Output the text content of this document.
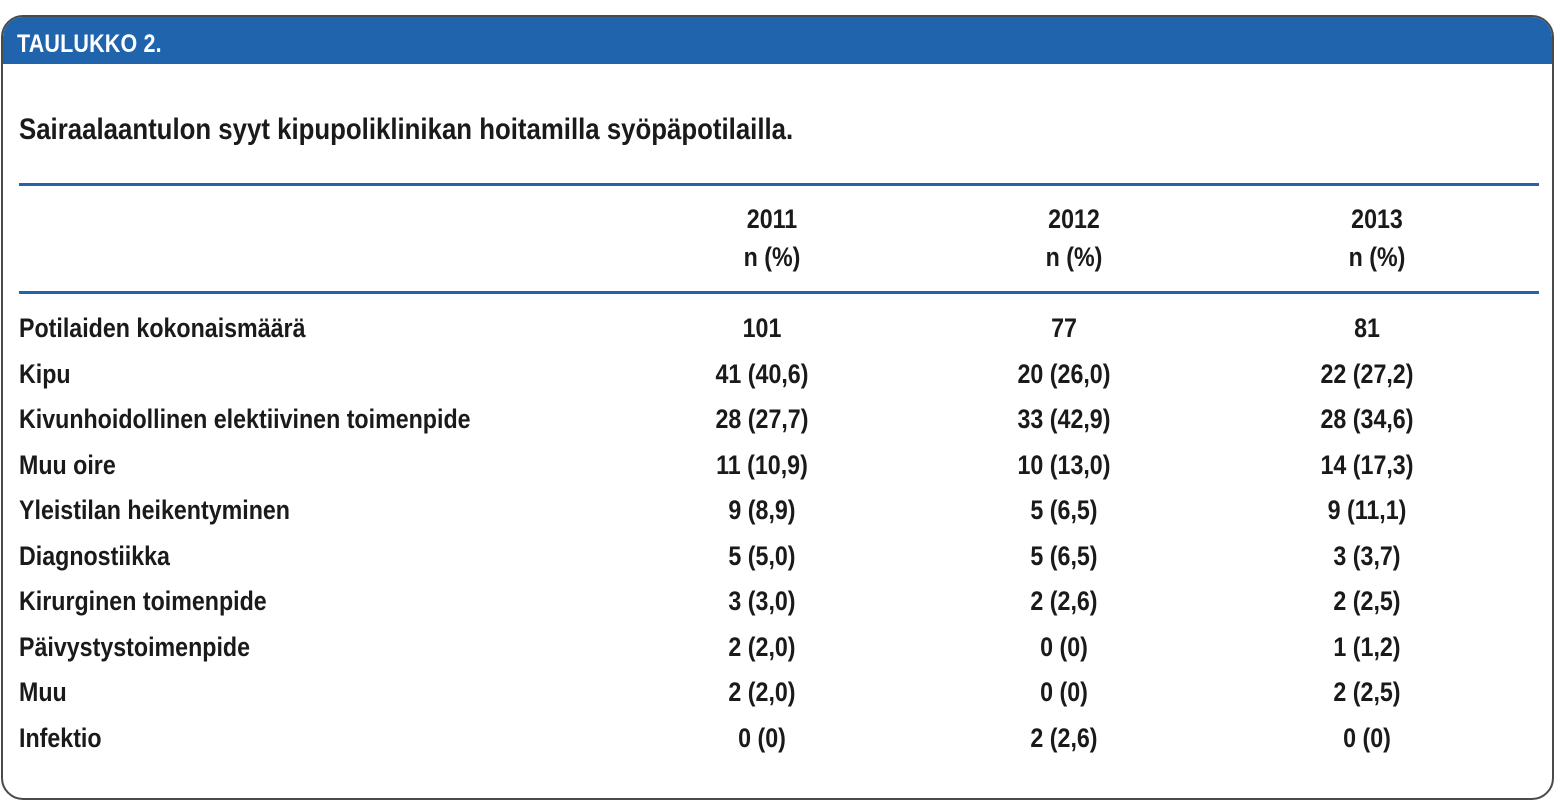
TAULUKKO 2.
Sairaalaantulon syyt kipupoliklinikan hoitamilla syöpäpotilailla.
2011
n (%)
2012
n (%)
2013
n (%)
Potilaiden kokonaismäärä	101	77	81
Kipu	41 (40,6)	20 (26,0)	22 (27,2)
Kivunhoidollinen elektiivinen toimenpide	28 (27,7)	33 (42,9)	28 (34,6)
Muu oire	11 (10,9)	10 (13,0)	14 (17,3)
Yleistilan heikentyminen	9 (8,9)	5 (6,5)	9 (11,1)
Diagnostiikka	5 (5,0)	5 (6,5)	3 (3,7)
Kirurginen toimenpide	3 (3,0)	2 (2,6)	2 (2,5)
Päivystystoimenpide	2 (2,0)	0 (0)	1 (1,2)
Muu	2 (2,0)	0 (0)	2 (2,5)
Infektio	0 (0)	2 (2,6)	0 (0)
